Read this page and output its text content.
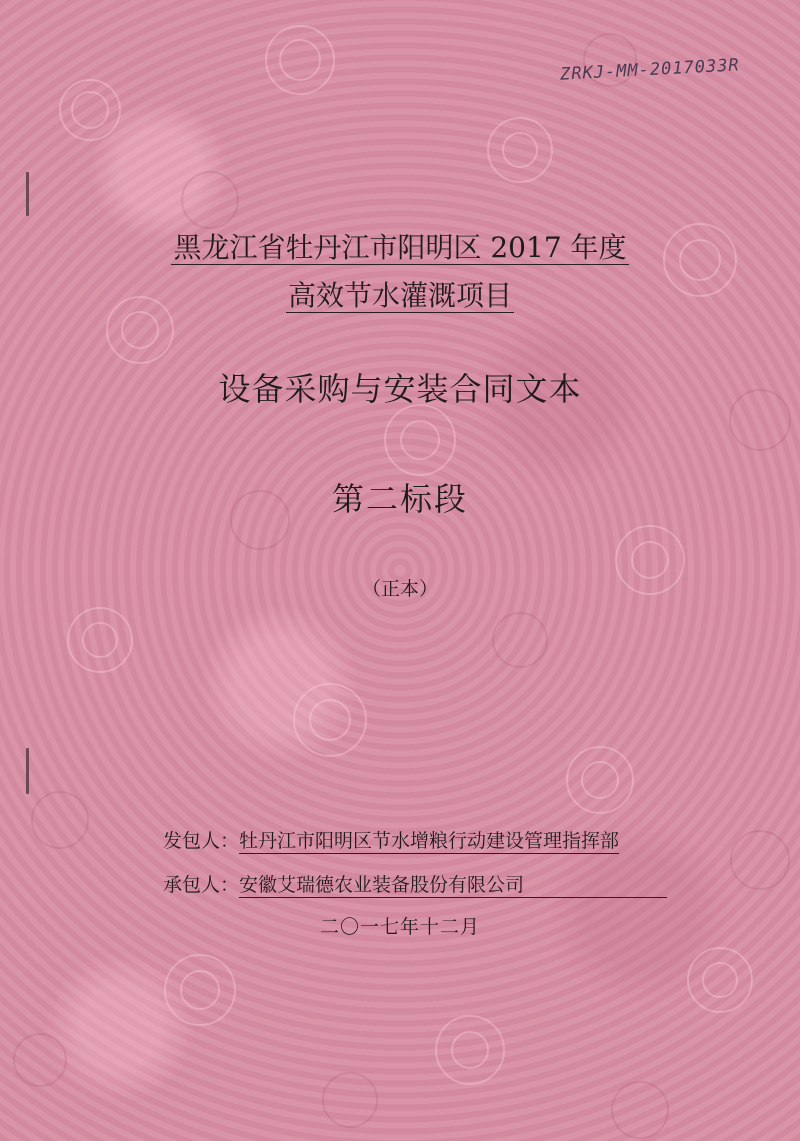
ZRKJ-MM-2017033R
黑龙江省牡丹江市阳明区 2017 年度
高效节水灌溉项目
设备采购与安装合同文本
第二标段
（正本）
发包人：牡丹江市阳明区节水增粮行动建设管理指挥部
承包人：安徽艾瑞德农业装备股份有限公司
二〇一七年十二月
